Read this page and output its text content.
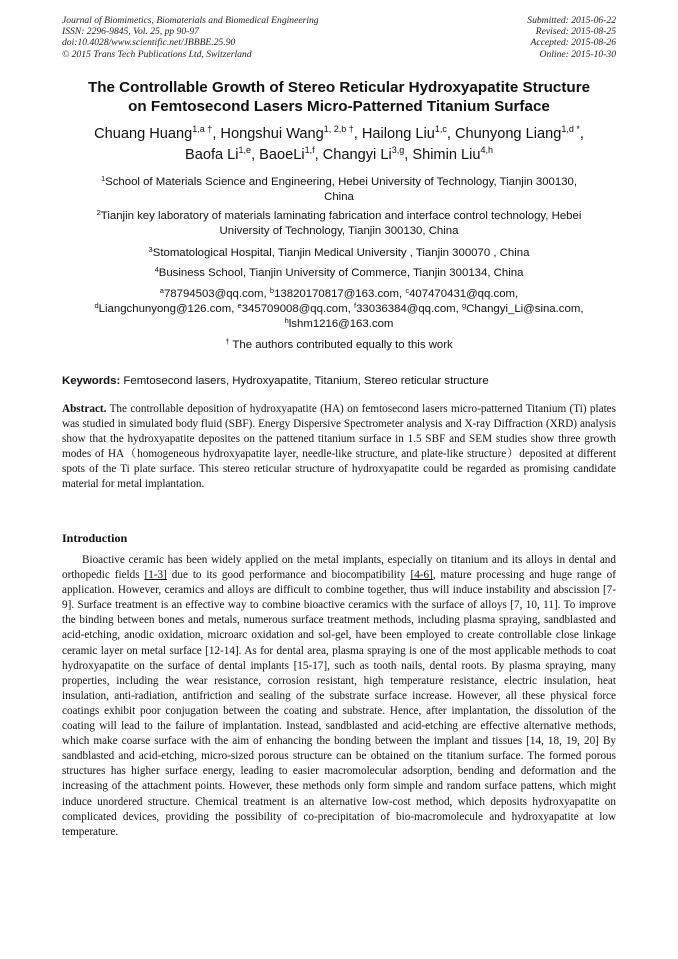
Journal of Biomimetics, Biomaterials and Biomedical Engineering
ISSN: 2296-9845, Vol. 25, pp 90-97
doi:10.4028/www.scientific.net/JBBBE.25.90
© 2015 Trans Tech Publications Ltd, Switzerland
Submitted: 2015-06-22
Revised: 2015-08-25
Accepted: 2015-08-26
Online: 2015-10-30
The Controllable Growth of Stereo Reticular Hydroxyapatite Structure
on Femtosecond Lasers Micro-Patterned Titanium Surface
Chuang Huang$^{1,a \dagger}$, Hongshui Wang$^{1, 2,b \dagger}$, Hailong Liu$^{1,c}$, Chunyong Liang$^{1,d *}$,
Baofa Li$^{1,e}$, BaoeLi$^{1,f}$, Changyi Li$^{3,g}$, Shimin Liu$^{4,h}$
$^1$School of Materials Science and Engineering, Hebei University of Technology, Tianjin 300130,
China
$^2$Tianjin key laboratory of materials laminating fabrication and interface control technology, Hebei
University of Technology, Tianjin 300130, China
$^3$Stomatological Hospital, Tianjin Medical University , Tianjin 300070 , China
$^4$Business School, Tianjin University of Commerce, Tianjin 300134, China
$^a$78794503@qq.com, $^b$13820170817@163.com, $^c$407470431@qq.com,
$^d$Liangchunyong@126.com, $^e$345709008@qq.com, $^f$33036384@qq.com, $^g$Changyi_Li@sina.com,
$^h$lshm1216@163.com
† The authors contributed equally to this work
Keywords: Femtosecond lasers, Hydroxyapatite, Titanium, Stereo reticular structure
Abstract. The controllable deposition of hydroxyapatite (HA) on femtosecond lasers micro-patterned Titanium (Ti) plates was studied in simulated body fluid (SBF). Energy Dispersive Spectrometer analysis and X-ray Diffraction (XRD) analysis show that the hydroxyapatite deposites on the pattened titanium surface in 1.5 SBF and SEM studies show three growth modes of HA（homogeneous hydroxyapatite layer, needle-like structure, and plate-like structure）deposited at different spots of the Ti plate surface. This stereo reticular structure of hydroxyapatite could be regarded as promising candidate material for metal implantation.
Introduction
Bioactive ceramic has been widely applied on the metal implants, especially on titanium and its alloys in dental and orthopedic fields [1-3] due to its good performance and biocompatibility [4-6], mature processing and huge range of application. However, ceramics and alloys are difficult to combine together, thus will induce instability and abscission [7-9]. Surface treatment is an effective way to combine bioactive ceramics with the surface of alloys [7, 10, 11]. To improve the binding between bones and metals, numerous surface treatment methods, including plasma spraying, sandblasted and acid-etching, anodic oxidation, microarc oxidation and sol-gel, have been employed to create controllable close linkage ceramic layer on metal surface [12-14]. As for dental area, plasma spraying is one of the most applicable methods to coat hydroxyapatite on the surface of dental implants [15-17], such as tooth nails, dental roots. By plasma spraying, many properties, including the wear resistance, corrosion resistant, high temperature resistance, electric insulation, heat insulation, anti-radiation, antifriction and sealing of the substrate surface increase. However, all these physical force coatings exhibit poor conjugation between the coating and substrate. Hence, after implantation, the dissolution of the coating will lead to the failure of implantation. Instead, sandblasted and acid-etching are effective alternative methods, which make coarse surface with the aim of enhancing the bonding between the implant and tissues [14, 18, 19, 20] By sandblasted and acid-etching, micro-sized porous structure can be obtained on the titanium surface. The formed porous structures has higher surface energy, leading to easier macromolecular adsorption, bending and deformation and the increasing of the attachment points. However, these methods only form simple and random surface pattens, which might induce unordered structure. Chemical treatment is an alternative low-cost method, which deposits hydroxyapatite on complicated devices, providing the possibility of co-precipitation of bio-macromolecule and hydroxyapatite at low temperature.
